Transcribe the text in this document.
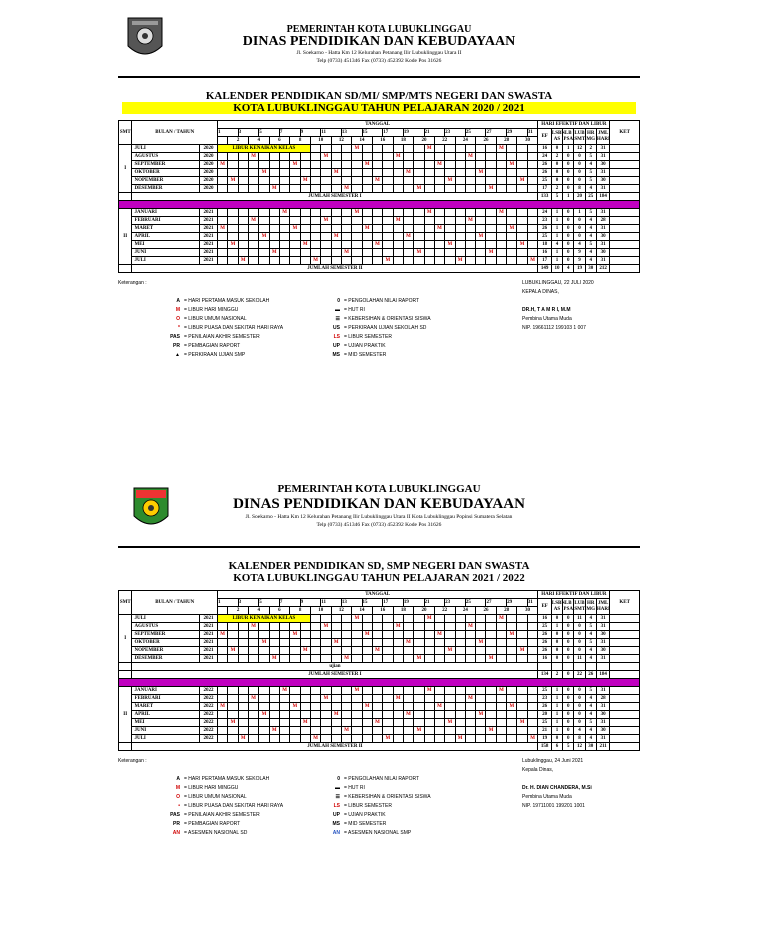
PEMERINTAH KOTA LUBUKLINGGAU
DINAS PENDIDIKAN DAN KEBUDAYAAN
Jl. Soekarno - Hatta Km 12 Kelurahan Petanang Ilir Lubuklinggau Utara II
Telp (0733) 451346 Fax (0733) 452392 Kode Pos 31626
KALENDER PENDIDIKAN SD/MI/ SMP/MTS NEGERI DAN SWASTA
KOTA LUBUKLINGGAU TAHUN PELAJARAN 2020 / 2021
SMT	BULAN / TAHUN		TANGGAL																															HARI EFEKTIF DAN LIBUR						KET
			1		3		5		7		9		11		13		15		17		19		21		23		25		27		29		31	EF	LSBN AS	LB PSA	LUB SMT	HR MG	JML HARI	
				2		4		6		8		10		12		14		16		18		20		22		24		26		28		30								
I	JULI	2020	LIBUR KENAIKAN KELAS													M							M							M				16	0	1	12	2	31	
	AGUSTUS	2020				M							M							M							M							24	2	0	0	5	31	
	SEPTEMBER	2020	M							M							M							M							M			26	0	0	0	4	30	
	OKTOBER	2020					M							M							M							M						26	0	0	0	5	31	
	NOPEMBER	2020		M							M							M							M							M		25	0	0	0	5	30	
	DESEMBER	2020						M							M							M							M					17	2	0	8	4	31	
	JUMLAH SEMESTER I																																	133	5	1	20	25	184	

II	JANUARI	2021							M							M							M							M				24	1	0	1	5	31	
	FEBRUARI	2021				M							M							M							M							23	1	0	0	4	28	
	MARET	2021	M							M							M							M							M			26	1	0	0	4	31	
	APRIL	2021					M							M							M							M						25	1	0	0	4	30	
	MEI	2021		M							M							M							M							M		18	4	0	4	5	31	
	JUNI	2021						M							M							M							M					16	1	0	9	4	30	
	JULI	2021			M							M							M							M							M	17	1	0	9	4	31	
	JUMLAH SEMESTER II																																	149	10	4	19	30	212	
Keterangan :
A = HARI PERTAMA MASUK SEKOLAH
M = LIBUR HARI MINGGU
O = LIBUR UMUM NASIONAL
* = LIBUR PUASA DAN SEKITAR HARI RAYA
PAS = PENILAIAN AKHIR SEMESTER
PR = PEMBAGIAN RAPORT
▲ = PERKIRAAN UJIAN SMP
0 = PENGOLAHAN NILAI RAPORT
▬ = HUT RI
☰ = KEBERSIHAN & ORIENTASI SISWA
US = PERKIRAAN UJIAN SEKOLAH SD
LS = LIBUR SEMESTER
UP = UJIAN PRAKTIK
MS = MID SEMESTER
LUBUKLINGGAU, 22 JULI 2020
KEPALA DINAS,

DR.H, T A M R I, M.M
Pembina Utama Muda
NIP. 19661112 199103 1 007
PEMERINTAH KOTA LUBUKLINGGAU
DINAS PENDIDIKAN DAN KEBUDAYAAN
Jl. Soekarno - Hatta Km 12 Kelurahan Petanang Ilir Lubuklinggau Utara II Kota Lubuklinggau Popinsi Sumatera Selatan
Telp (0733) 451346 Fax (0733) 452392 Kode Pos 31626
KALENDER PENDIDIKAN SD, SMP NEGERI DAN SWASTA
KOTA LUBUKLINGGAU TAHUN PELAJARAN 2021 / 2022
SMT	BULAN / TAHUN		TANGGAL																															HARI EFEKTIF DAN LIBUR						KET
			1		3		5		7		9		11		13		15		17		19		21		23		25		27		29		31	EF	LSBN AS	LB PSA	LUB SMT	HR MG	JML HARI	
				2		4		6		8		10		12		14		16		18		20		22		24		26		28		30								
I	JULI	2021	LIBUR KENAIKAN KELAS													M							M							M				16	0	0	11	4	31	
	AGUSTUS	2021				M							M							M							M							25	1	0	0	5	31	
	SEPTEMBER	2021	M							M							M							M							M			26	0	0	0	4	30	
	OKTOBER	2021					M							M							M							M						26	0	0	0	5	31	
	NOPEMBER	2021		M							M							M							M							M		26	0	0	0	4	30	
	DESEMBER	2021						M							M							M							M					16	0	0	11	4	31	
	ujian																																							
	JUMLAH SEMESTER I																																	134	2	0	22	26	184	

II	JANUARI	2022							M							M							M							M				25	1	0	0	5	31	
	FEBRUARI	2022				M							M							M							M							23	1	0	0	4	28	
	MARET	2022	M							M							M							M							M			26	1	0	0	4	31	
	APRIL	2022					M							M							M							M						20	1	0	0	4	30	
	MEI	2022		M							M							M							M							M		25	1	0	0	5	31	
	JUNI	2022						M							M							M							M					21	1	0	4	4	30	
	JULI	2022			M							M							M							M							M	19	0	0	8	4	31	
	JUMLAH SEMESTER II																																	158	6	5	12	30	211	
Keterangan :
A = HARI PERTAMA MASUK SEKOLAH
M = LIBUR HARI MINGGU
O = LIBUR UMUM NASIONAL
• = LIBUR PUASA DAN SEKITAR HARI RAYA
PAS = PENILAIAN AKHIR SEMESTER
PR = PEMBAGIAN RAPORT
AN = ASESMEN NASIONAL SD
0 = PENGOLAHAN NILAI RAPORT
▬ = HUT RI
☰ = KEBERSIHAN & ORIENTASI SISWA
LS = LIBUR SEMESTER
UP = UJIAN PRAKTIK
MS = MID SEMESTER
AN = ASESMEN NASIONAL SMP
Lubuklinggau, 24 Juni 2021
Kepala Dinas,

Dr. H. DIAN CHANDERA, M.Si
Pembina Utama Muda
NIP. 19711001 199201 1001
